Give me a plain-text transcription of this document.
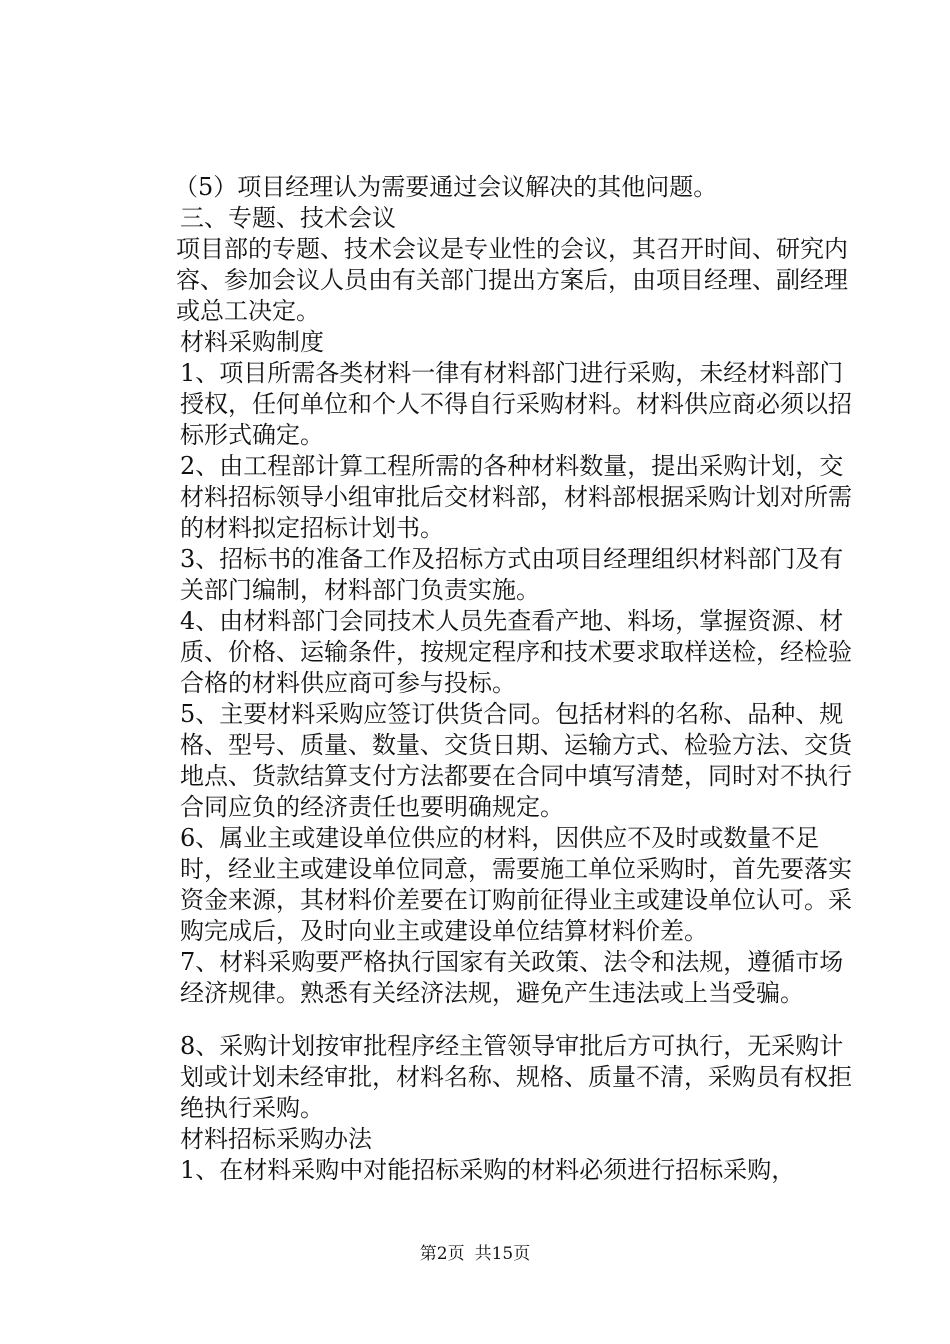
（5）项目经理认为需要通过会议解决的其他问题。

三、专题、技术会议

项目部的专题、技术会议是专业性的会议，其召开时间、研究内容、参加会议人员由有关部门提出方案后，由项目经理、副经理或总工决定。

材料采购制度

1、项目所需各类材料一律有材料部门进行采购，未经材料部门授权，任何单位和个人不得自行采购材料。材料供应商必须以招标形式确定。

2、由工程部计算工程所需的各种材料数量，提出采购计划，交材料招标领导小组审批后交材料部，材料部根据采购计划对所需的材料拟定招标计划书。

3、招标书的准备工作及招标方式由项目经理组织材料部门及有关部门编制，材料部门负责实施。

4、由材料部门会同技术人员先查看产地、料场，掌握资源、材质、价格、运输条件，按规定程序和技术要求取样送检，经检验合格的材料供应商可参与投标。

5、主要材料采购应签订供货合同。包括材料的名称、品种、规格、型号、质量、数量、交货日期、运输方式、检验方法、交货地点、货款结算支付方法都要在合同中填写清楚，同时对不执行合同应负的经济责任也要明确规定。

6、属业主或建设单位供应的材料，因供应不及时或数量不足时，经业主或建设单位同意，需要施工单位采购时，首先要落实资金来源，其材料价差要在订购前征得业主或建设单位认可。采购完成后，及时向业主或建设单位结算材料价差。

7、材料采购要严格执行国家有关政策、法令和法规，遵循市场经济规律。熟悉有关经济法规，避免产生违法或上当受骗。

8、采购计划按审批程序经主管领导审批后方可执行，无采购计划或计划未经审批，材料名称、规格、质量不清，采购员有权拒绝执行采购。

材料招标采购办法

1、在材料采购中对能招标采购的材料必须进行招标采购，

第2页 共15页
